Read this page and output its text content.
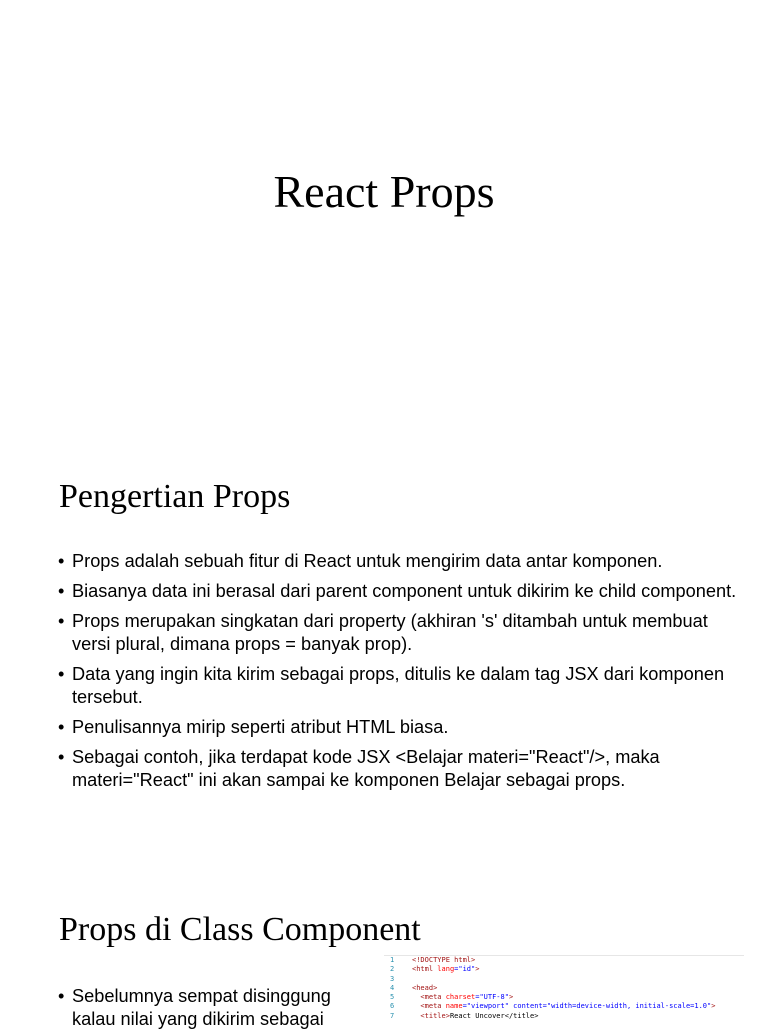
React Props
Pengertian Props
• Props adalah sebuah fitur di React untuk mengirim data antar komponen.
• Biasanya data ini berasal dari parent component untuk dikirim ke child component.
• Props merupakan singkatan dari property (akhiran 's' ditambah untuk membuat versi plural, dimana props = banyak prop).
• Data yang ingin kita kirim sebagai props, ditulis ke dalam tag JSX dari komponen tersebut.
• Penulisannya mirip seperti atribut HTML biasa.
• Sebagai contoh, jika terdapat kode JSX <Belajar materi="React"/>, maka materi="React" ini akan sampai ke komponen Belajar sebagai props.
Props di Class Component
• Sebelumnya sempat disinggung kalau nilai yang dikirim sebagai
1	<!DOCTYPE html>
2	<html lang="id">
3
4	<head>
5	<meta charset="UTF-8">
6	<meta name="viewport" content="width=device-width, initial-scale=1.0">
7	<title>React Uncover</title>
